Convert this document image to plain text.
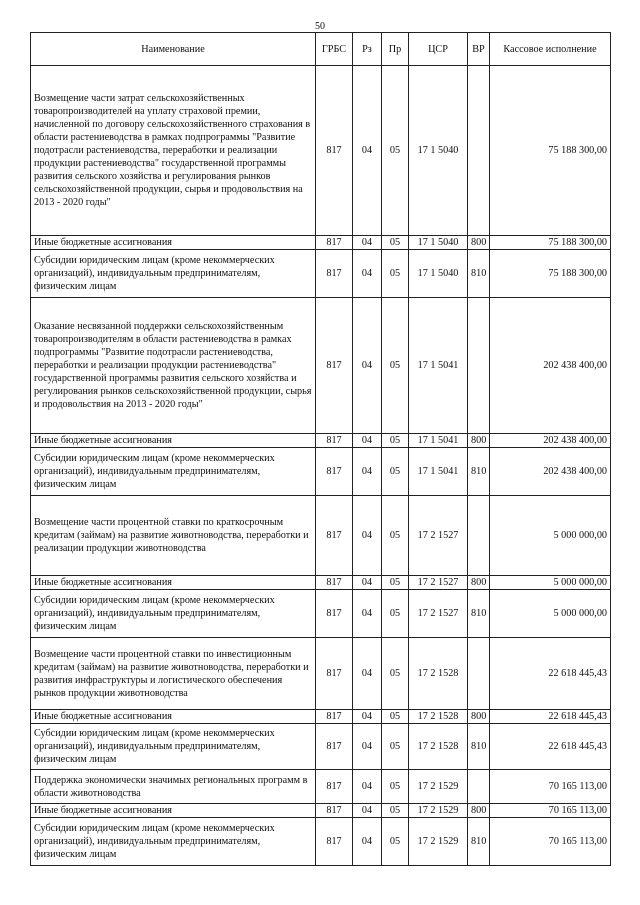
50
Наименование	ГРБС	Рз	Пр	ЦСР	ВР	Кассовое исполнение
Возмещение части затрат сельскохозяйственных товаропроизводителей на уплату страховой премии, начисленной по договору сельскохозяйственного страхования в области растениеводства в рамках подпрограммы "Развитие подотрасли растениеводства, переработки и реализации продукции растениеводства" государственной программы развития сельского хозяйства и регулирования рынков сельскохозяйственной продукции, сырья и продовольствия на 2013 - 2020 годы"	817	04	05	17 1 5040		75 188 300,00
Иные бюджетные ассигнования	817	04	05	17 1 5040	800	75 188 300,00
Субсидии юридическим лицам (кроме некоммерческих организаций), индивидуальным предпринимателям, физическим лицам	817	04	05	17 1 5040	810	75 188 300,00
Оказание несвязанной поддержки сельскохозяйственным товаропроизводителям в области растениеводства в рамках подпрограммы "Развитие подотрасли растениеводства, переработки и реализации продукции растениеводства" государственной программы развития сельского хозяйства и регулирования рынков сельскохозяйственной продукции, сырья и продовольствия на 2013 - 2020 годы"	817	04	05	17 1 5041		202 438 400,00
Иные бюджетные ассигнования	817	04	05	17 1 5041	800	202 438 400,00
Субсидии юридическим лицам (кроме некоммерческих организаций), индивидуальным предпринимателям, физическим лицам	817	04	05	17 1 5041	810	202 438 400,00
Возмещение части процентной ставки по краткосрочным кредитам (займам) на развитие животноводства, переработки и реализации продукции животноводства	817	04	05	17 2 1527		5 000 000,00
Иные бюджетные ассигнования	817	04	05	17 2 1527	800	5 000 000,00
Субсидии юридическим лицам (кроме некоммерческих организаций), индивидуальным предпринимателям, физическим лицам	817	04	05	17 2 1527	810	5 000 000,00
Возмещение части процентной ставки по инвестиционным кредитам (займам) на развитие животноводства, переработки и развития инфраструктуры и логистического обеспечения рынков продукции животноводства	817	04	05	17 2 1528		22 618 445,43
Иные бюджетные ассигнования	817	04	05	17 2 1528	800	22 618 445,43
Субсидии юридическим лицам (кроме некоммерческих организаций), индивидуальным предпринимателям, физическим лицам	817	04	05	17 2 1528	810	22 618 445,43
Поддержка экономически значимых региональных программ в области животноводства	817	04	05	17 2 1529		70 165 113,00
Иные бюджетные ассигнования	817	04	05	17 2 1529	800	70 165 113,00
Субсидии юридическим лицам (кроме некоммерческих организаций), индивидуальным предпринимателям, физическим лицам	817	04	05	17 2 1529	810	70 165 113,00
